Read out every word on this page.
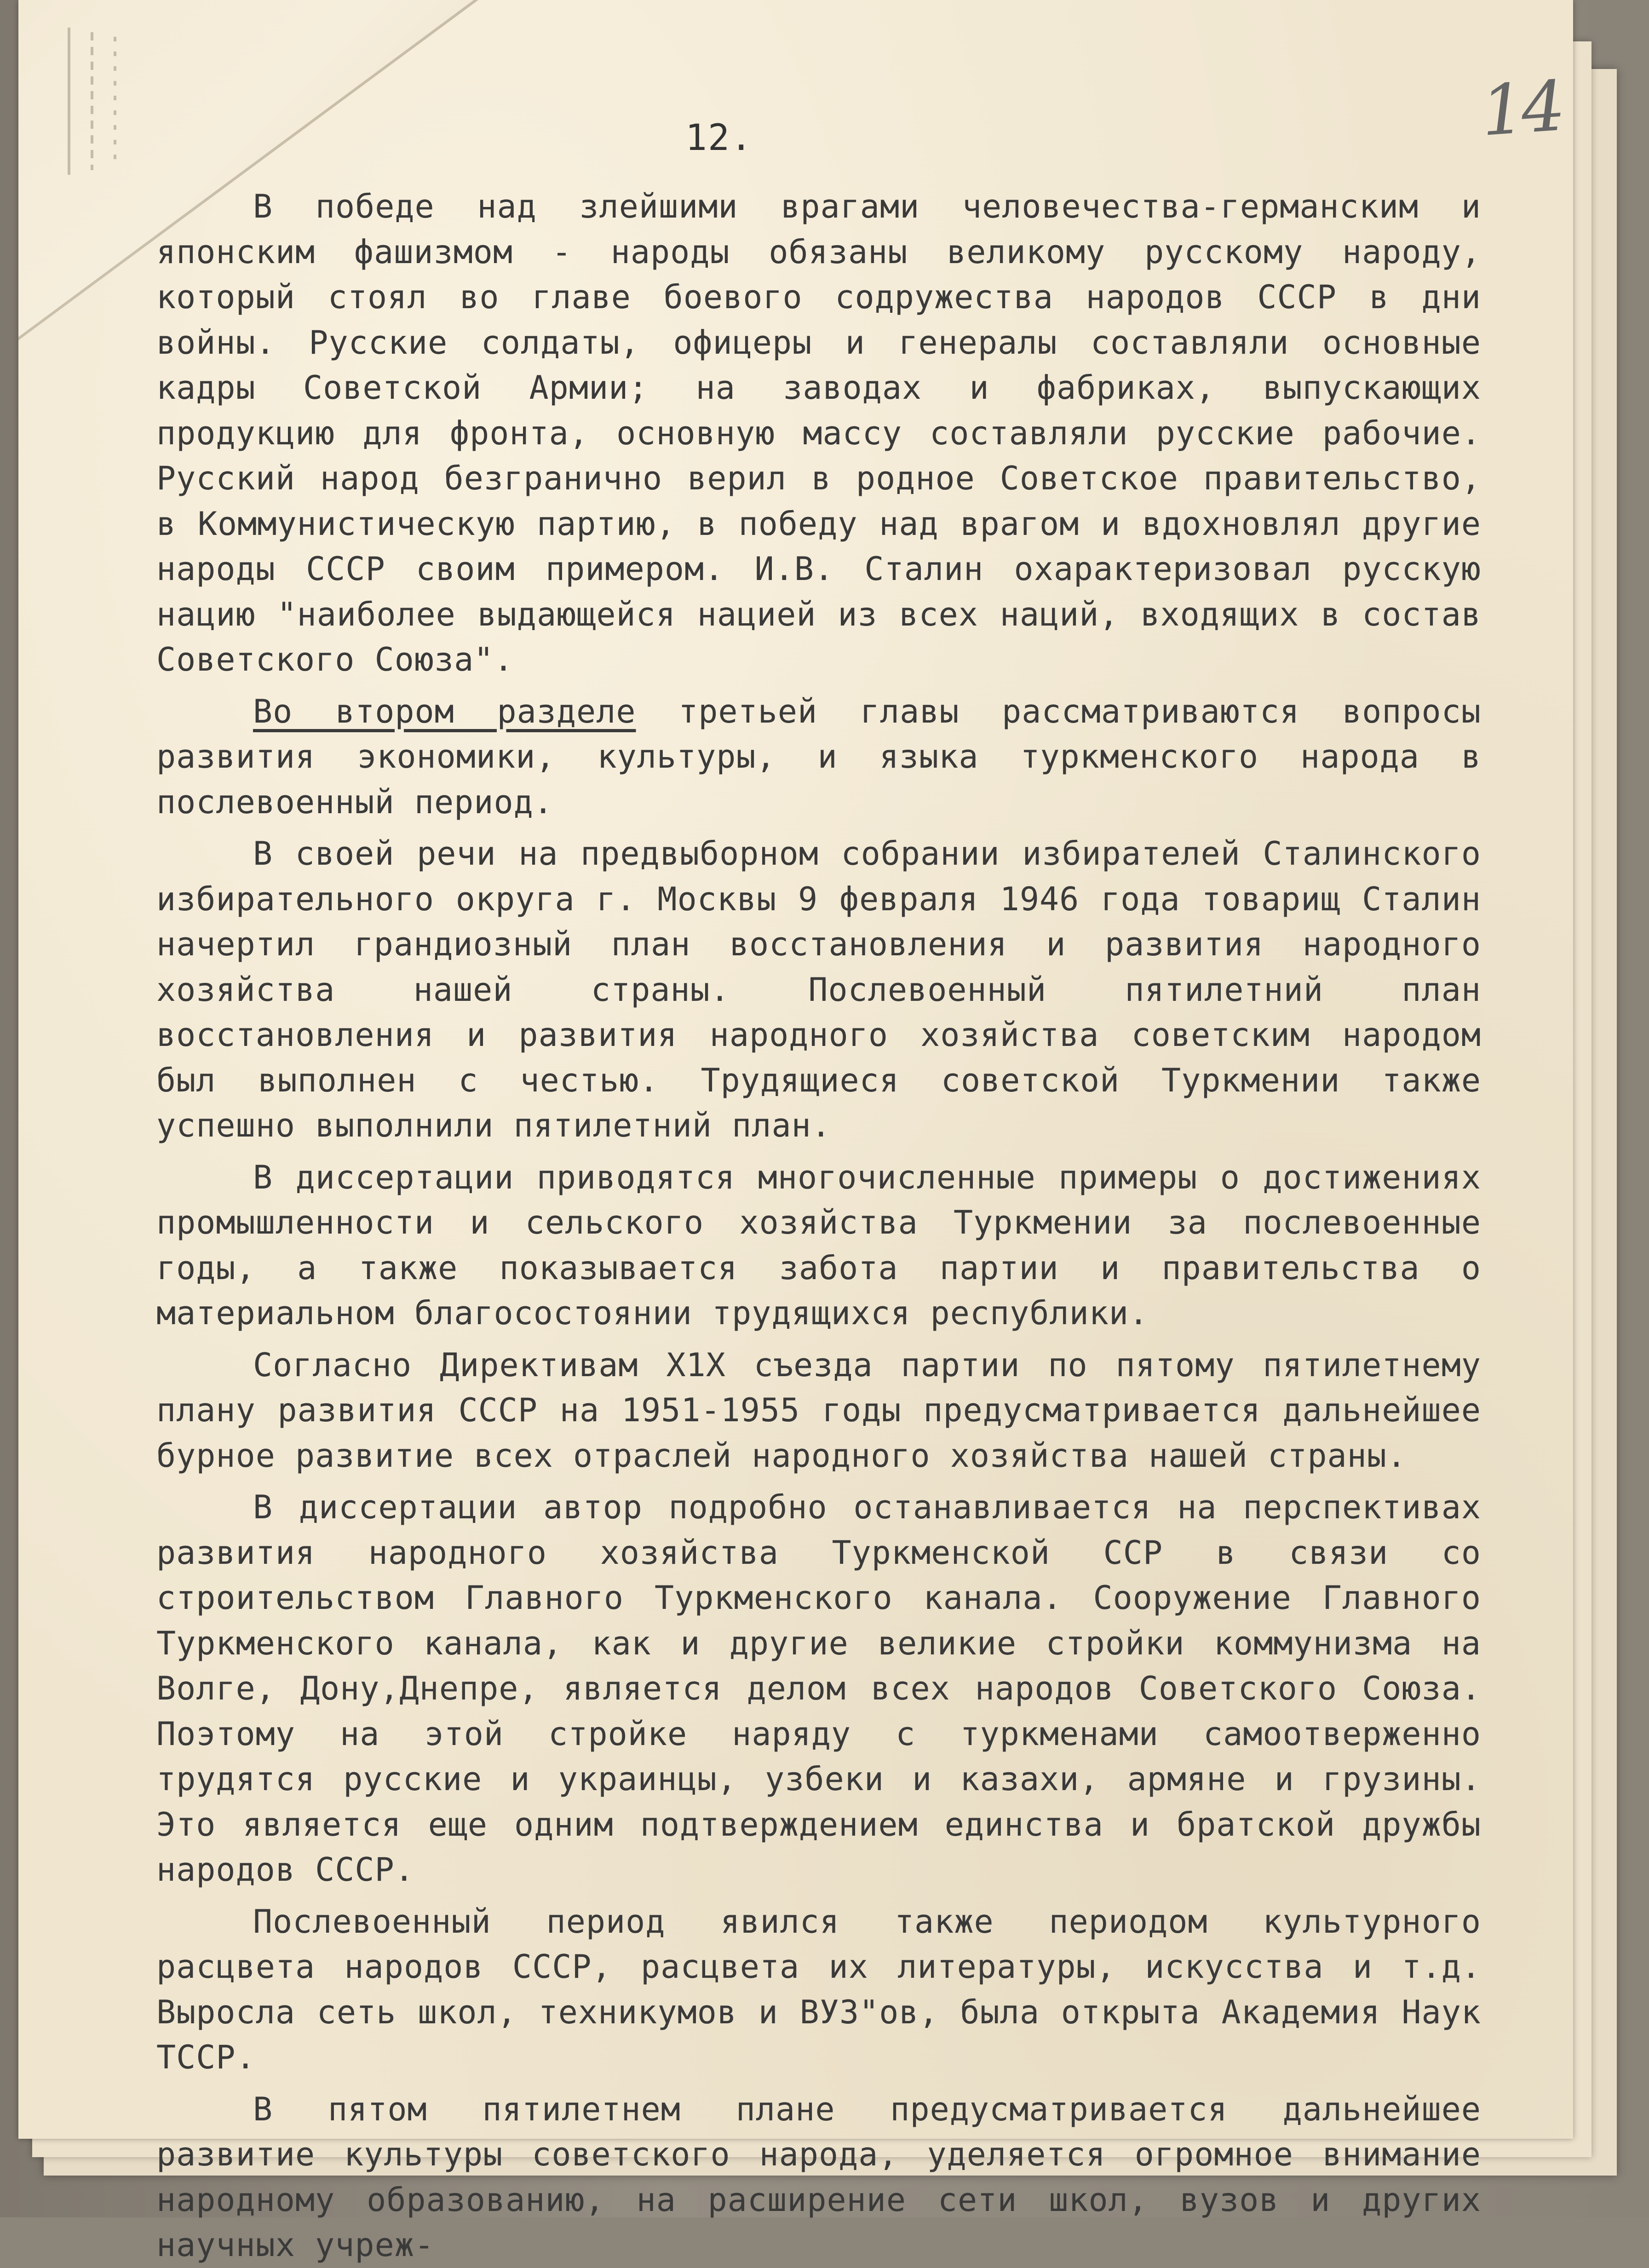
12.	14

В победе над злейшими врагами человечества-германским и японским фашизмом - народы обязаны великому русскому народу, который стоял во главе боевого содружества народов СССР в дни войны. Русские солдаты, офицеры и генералы составляли основные кадры Советской Армии; на заводах и фабриках, выпускающих продукцию для фронта, основную массу составляли русские рабочие. Русский народ безгранично верил в родное Советское правительство, в Коммунистическую партию, в победу над врагом и вдохновлял другие народы СССР своим примером. И.В. Сталин охарактеризовал русскую нацию "наиболее выдающейся нацией из всех наций, входящих в состав Советского Союза".

Во втором разделе третьей главы рассматриваются вопросы развития экономики, культуры, и языка туркменского народа в послевоенный период.

В своей речи на предвыборном собрании избирателей Сталинского избирательного округа г. Москвы 9 февраля 1946 года товарищ Сталин начертил грандиозный план восстановления и развития народного хозяйства нашей страны. Послевоенный пятилетний план восстановления и развития народного хозяйства советским народом был выполнен с честью. Трудящиеся советской Туркмении также успешно выполнили пятилетний план.

В диссертации приводятся многочисленные примеры о достижениях промышленности и сельского хозяйства Туркмении за послевоенные годы, а также показывается забота партии и правительства о материальном благосостоянии трудящихся республики.

Согласно Директивам Х1Х съезда партии по пятому пятилетнему плану развития СССР на 1951-1955 годы предусматривается дальнейшее бурное развитие всех отраслей народного хозяйства нашей страны.

В диссертации автор подробно останавливается на перспективах развития народного хозяйства Туркменской ССР в связи со строительством Главного Туркменского канала. Сооружение Главного Туркменского канала, как и другие великие стройки коммунизма на Волге, Дону,Днепре, является делом всех народов Советского Союза. Поэтому на этой стройке наряду с туркменами самоотверженно трудятся русские и украинцы, узбеки и казахи, армяне и грузины. Это является еще одним подтверждением единства и братской дружбы народов СССР.

Послевоенный период явился также периодом культурного расцвета народов СССР, расцвета их литературы, искусства и т.д. Выросла сеть школ, техникумов и ВУЗ"ов, была открыта Академия Наук ТССР.

В пятом пятилетнем плане предусматривается дальнейшее развитие культуры советского народа, уделяется огромное внимание народному образованию, на расширение сети школ, вузов и других научных учреж-
